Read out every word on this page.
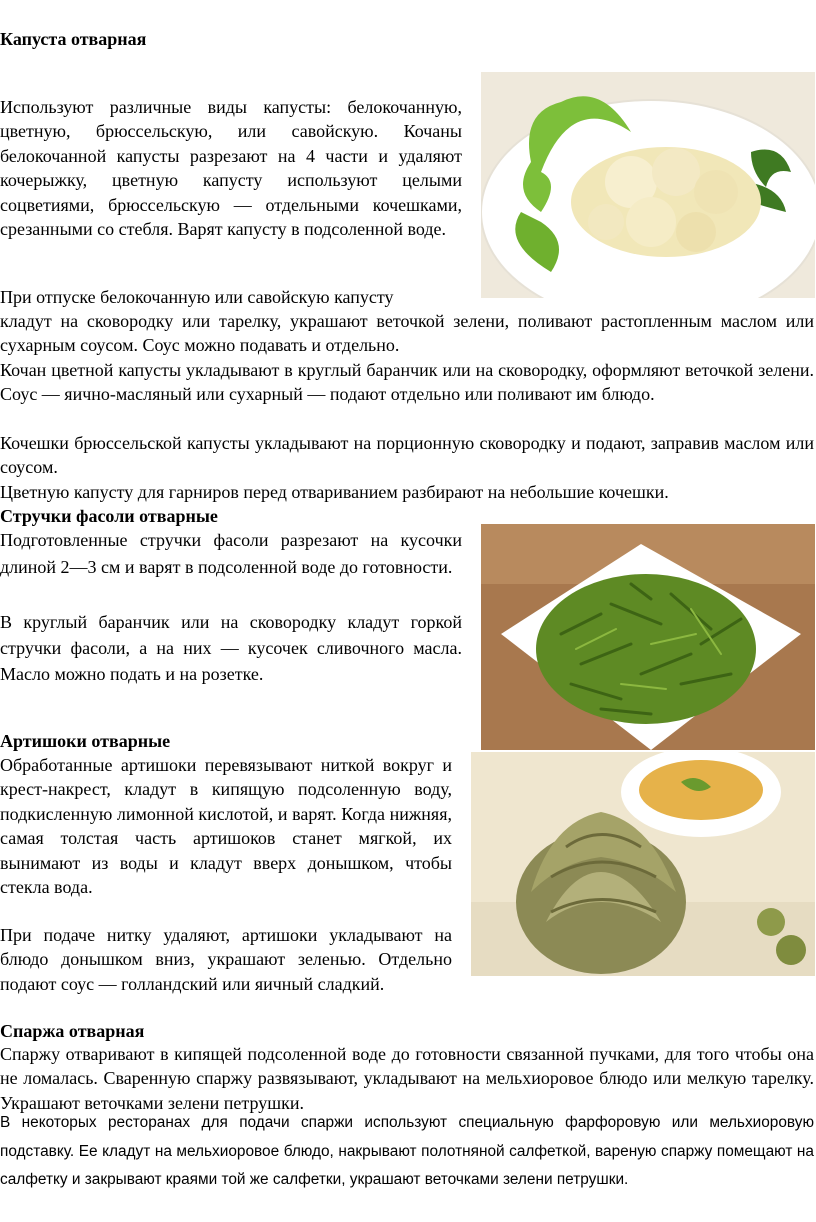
Капуста отварная

Используют различные виды капусты: белокочанную, цветную, брюссельскую, или савойскую. Кочаны белокочанной капусты разрезают на 4 части и удаляют кочерыжку, цветную капусту используют целыми соцветиями, брюссельскую — отдельными кочешками, срезанными со стебля. Варят капусту в подсоленной воде.

При отпуске белокочанную или савойскую капусту

кладут на сковородку или тарелку, украшают веточкой зелени, поливают растопленным маслом или сухарным соусом. Соус можно подавать и отдельно.

Кочан цветной капусты укладывают в круглый баранчик или на сковородку, оформляют веточкой зелени. Соус — яично-масляный или сухарный — подают отдельно или поливают им блюдо.

Кочешки брюссельской капусты укладывают на порционную сковородку и подают, заправив маслом или соусом.

Цветную капусту для гарниров перед отвариванием разбирают на небольшие кочешки.

Стручки фасоли отварные

Подготовленные стручки фасоли разрезают на кусочки длиной 2—3 см и варят в подсоленной воде до готовности.

В круглый баранчик или на сковородку кладут горкой стручки фасоли, а на них — кусочек сливочного масла. Масло можно подать и на розетке.

Артишоки отварные

Обработанные артишоки перевязывают ниткой вокруг и крест-накрест, кладут в кипящую подсоленную воду, подкисленную лимонной кислотой, и варят. Когда нижняя, самая толстая часть артишоков станет мягкой, их вынимают из воды и кладут вверх донышком, чтобы стекла вода.

При подаче нитку удаляют, артишоки укладывают на блюдо донышком вниз, украшают зеленью. Отдельно подают соус — голландский или яичный сладкий.

Спаржа отварная

Спаржу отваривают в кипящей подсоленной воде до готовности связанной пучками, для того чтобы она не ломалась. Сваренную спаржу развязывают, укладывают на мельхиоровое блюдо или мелкую тарелку. Украшают веточками зелени петрушки.

В некоторых ресторанах для подачи спаржи используют специальную фарфоровую или мельхиоровую подставку. Ее кладут на мельхиоровое блюдо, накрывают полотняной салфеткой, вареную спаржу помещают на салфетку и закрывают краями той же салфетки, украшают веточками зелени петрушки.
